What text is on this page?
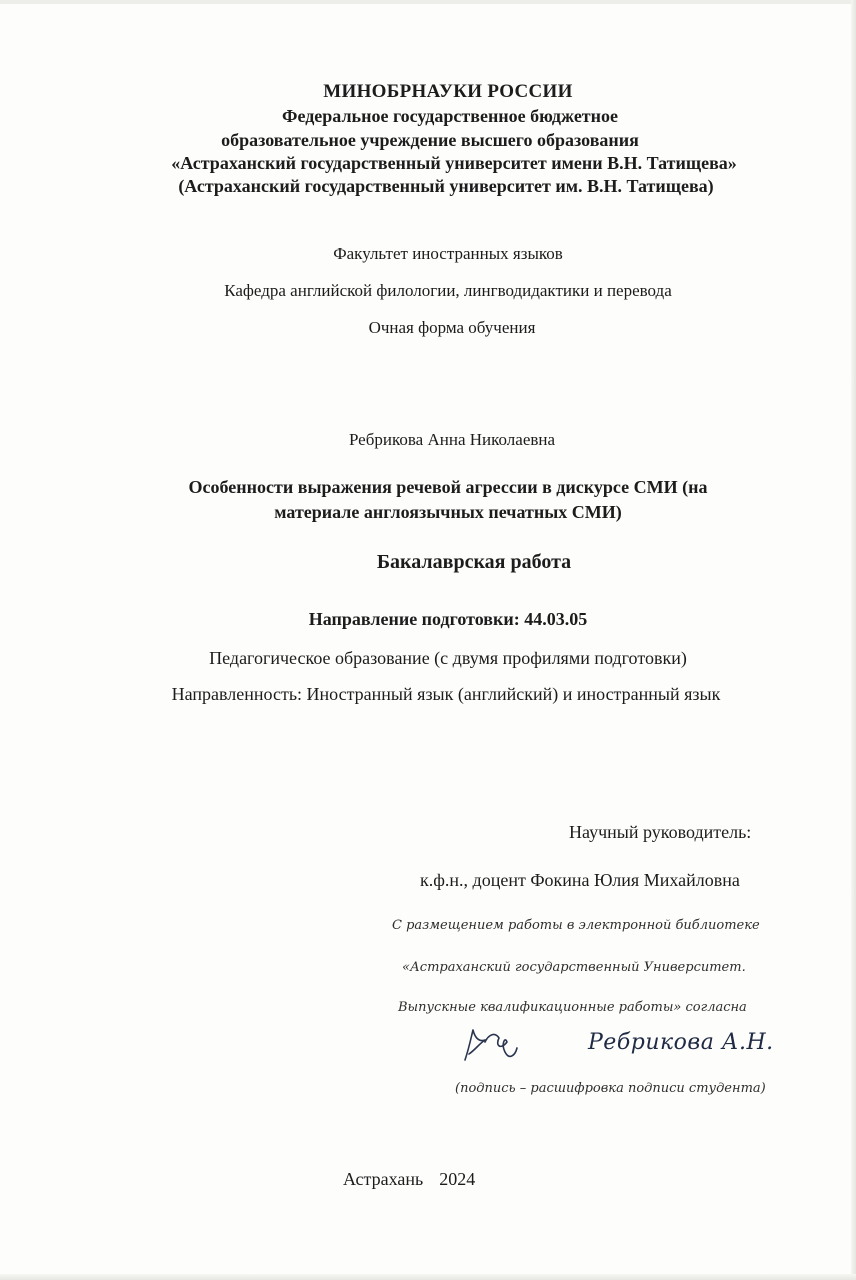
МИНОБРНАУКИ РОССИИ
Федеральное государственное бюджетное
образовательное учреждение высшего образования
«Астраханский государственный университет имени В.Н. Татищева»
(Астраханский государственный университет им. В.Н. Татищева)
Факультет иностранных языков
Кафедра английской филологии, лингводидактики и перевода
Очная форма обучения
Ребрикова Анна Николаевна
Особенности выражения речевой агрессии в дискурсе СМИ (на
материале англоязычных печатных СМИ)
Бакалаврская работа
Направление подготовки: 44.03.05
Педагогическое образование (с двумя профилями подготовки)
Направленность: Иностранный язык (английский) и иностранный язык
Научный руководитель:
к.ф.н., доцент Фокина Юлия Михайловна
С размещением работы в электронной библиотеке
«Астраханский государственный Университет.
Выпускные квалификационные работы» согласна
Ребрикова А.Н.
(подпись – расшифровка подписи студента)
Астрахань 2024
